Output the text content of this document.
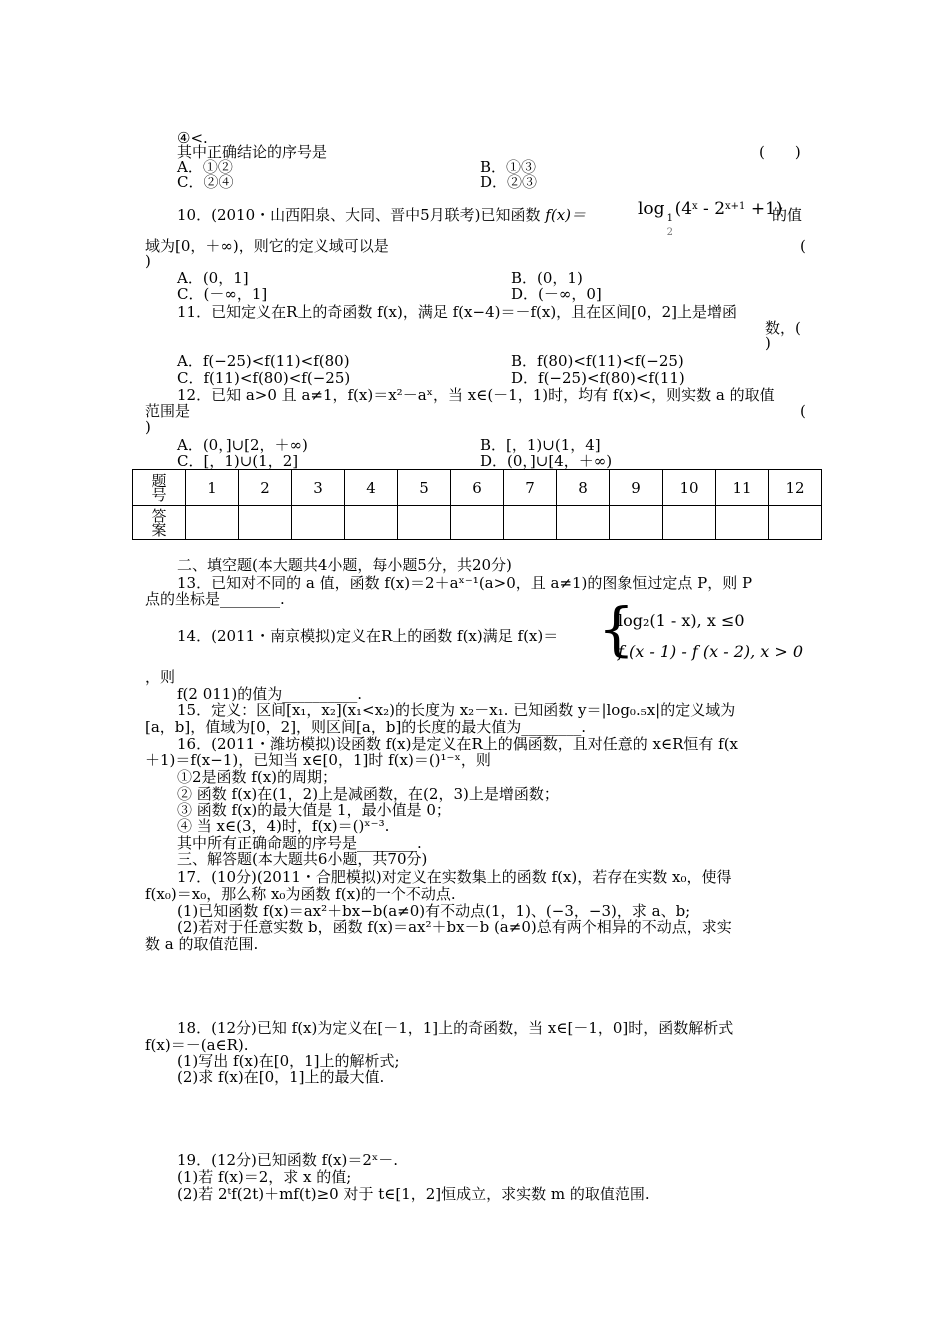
④<.
其中正确结论的序号是	(　　)
A．①②	B．①③
C．②④	D．②③
10．(2010・山西阳泉、大同、晋中5月联考)已知函数 f(x)＝	log 1
2
$(4^x - 2^{x+1} +1)$
的值
域为[0，＋∞)，则它的定义域可以是	(
)
A．(0，1]	B．(0，1)
C．(－∞，1]	D．(－∞，0]
11．已知定义在R上的奇函数 f(x)，满足 f(x−4)＝－f(x)，且在区间[0，2]上是增函
数，(
)
A．f(−25)<f(11)<f(80)	B．f(80)<f(11)<f(−25)
C．f(11)<f(80)<f(−25)	D．f(−25)<f(80)<f(11)
12．已知 a>0 且 a≠1，f(x)＝x²－aˣ，当 x∈(－1，1)时，均有 f(x)<，则实数 a 的取值
范围是	(
)
A．(0，]∪[2，＋∞)	B．[，1)∪(1，4]
C．[，1)∪(1，2]	D．(0，]∪[4，＋∞)
题
号	1	2	3	4	5	6	7	8	9	10	11	12

答
案												

二、填空题(本大题共4小题，每小题5分，共20分)
13．已知对不同的 a 值，函数 f(x)＝2＋aˣ⁻¹(a>0，且 a≠1)的图象恒过定点 P，则 P
点的坐标是________.
14．(2011・南京模拟)定义在R上的函数 f(x)满足 f(x)＝ {
log₂(1 - x), x ≤0
f (x - 1) - f (x - 2), x > 0
，则
f(2 011)的值为__________.
15．定义：区间[x₁，x₂](x₁<x₂)的长度为 x₂－x₁. 已知函数 y＝|log₀.₅x|的定义域为
[a，b]，值域为[0，2]，则区间[a，b]的长度的最大值为________.
16．(2011・潍坊模拟)设函数 f(x)是定义在R上的偶函数，且对任意的 x∈R恒有 f(x
＋1)＝f(x−1)，已知当 x∈[0，1]时 f(x)＝()¹⁻ˣ，则
①2是函数 f(x)的周期；
② 函数 f(x)在(1，2)上是减函数，在(2，3)上是增函数；
③ 函数 f(x)的最大值是 1，最小值是 0；
④ 当 x∈(3，4)时，f(x)＝()ˣ⁻³.
其中所有正确命题的序号是________.
三、解答题(本大题共6小题，共70分)
17．(10分)(2011・合肥模拟)对定义在实数集上的函数 f(x)，若存在实数 x₀，使得
f(x₀)＝x₀，那么称 x₀为函数 f(x)的一个不动点.
(1)已知函数 f(x)＝ax²＋bx−b(a≠0)有不动点(1，1)、(−3，−3)，求 a、b;
(2)若对于任意实数 b，函数 f(x)＝ax²＋bx－b (a≠0)总有两个相异的不动点，求实
数 a 的取值范围.
18．(12分)已知 f(x)为定义在[－1，1]上的奇函数，当 x∈[－1，0]时，函数解析式
f(x)＝－(a∈R).
(1)写出 f(x)在[0，1]上的解析式;
(2)求 f(x)在[0，1]上的最大值.
19．(12分)已知函数 f(x)＝2ˣ－.
(1)若 f(x)＝2，求 x 的值;
(2)若 2ᵗf(2t)＋mf(t)≥0 对于 t∈[1，2]恒成立，求实数 m 的取值范围.
